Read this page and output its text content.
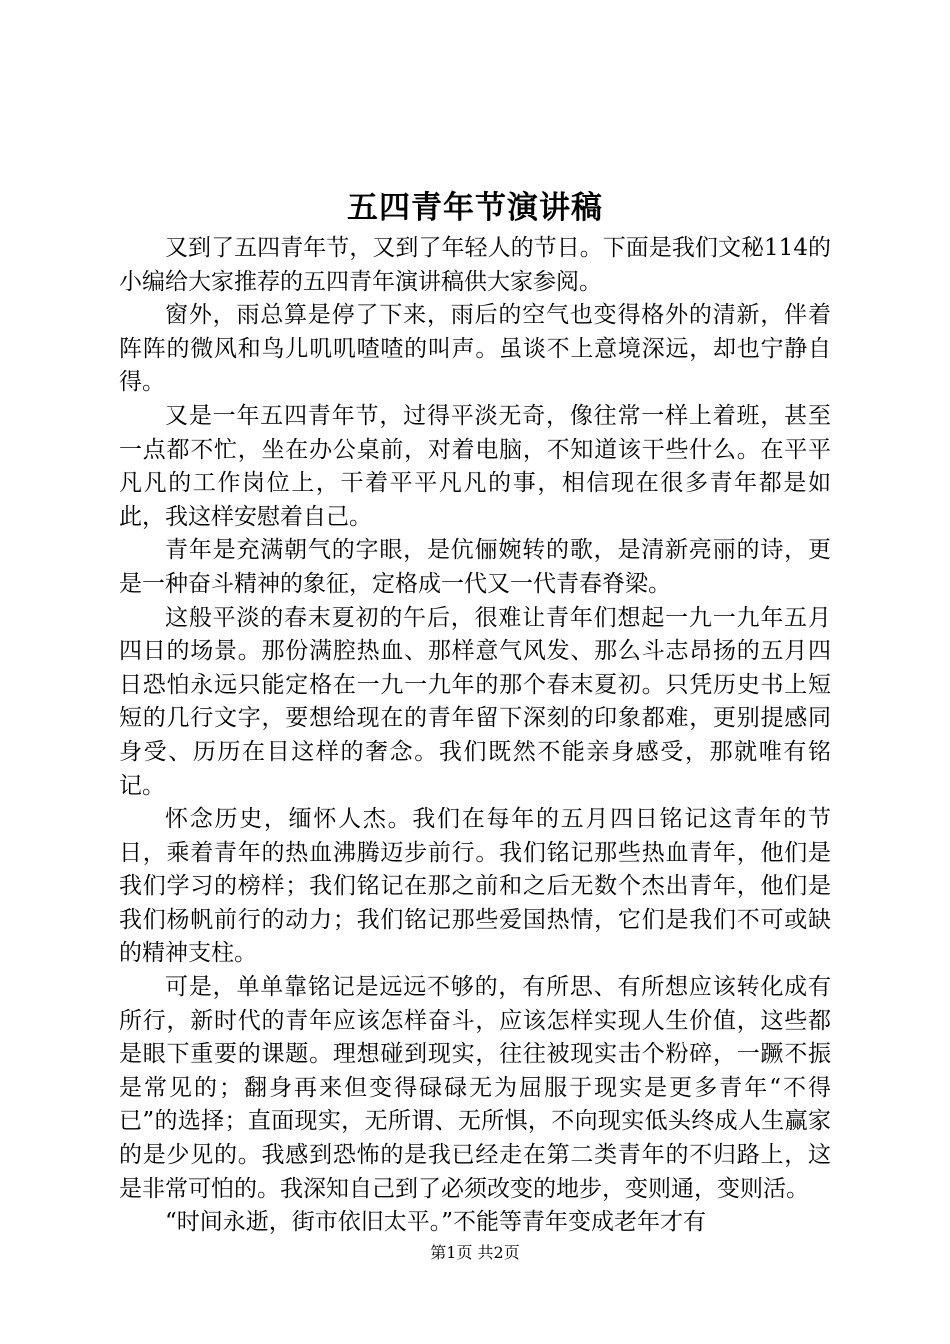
五四青年节演讲稿

又到了五四青年节，又到了年轻人的节日。下面是我们文秘114的小编给大家推荐的五四青年演讲稿供大家参阅。

窗外，雨总算是停了下来，雨后的空气也变得格外的清新，伴着阵阵的微风和鸟儿叽叽喳喳的叫声。虽谈不上意境深远，却也宁静自得。

又是一年五四青年节，过得平淡无奇，像往常一样上着班，甚至一点都不忙，坐在办公桌前，对着电脑，不知道该干些什么。在平平凡凡的工作岗位上，干着平平凡凡的事，相信现在很多青年都是如此，我这样安慰着自己。

青年是充满朝气的字眼，是伉俪婉转的歌，是清新亮丽的诗，更是一种奋斗精神的象征，定格成一代又一代青春脊梁。

这般平淡的春末夏初的午后，很难让青年们想起一九一九年五月四日的场景。那份满腔热血、那样意气风发、那么斗志昂扬的五月四日恐怕永远只能定格在一九一九年的那个春末夏初。只凭历史书上短短的几行文字，要想给现在的青年留下深刻的印象都难，更别提感同身受、历历在目这样的奢念。我们既然不能亲身感受，那就唯有铭记。

怀念历史，缅怀人杰。我们在每年的五月四日铭记这青年的节日，乘着青年的热血沸腾迈步前行。我们铭记那些热血青年，他们是我们学习的榜样；我们铭记在那之前和之后无数个杰出青年，他们是我们杨帆前行的动力；我们铭记那些爱国热情，它们是我们不可或缺的精神支柱。

可是，单单靠铭记是远远不够的，有所思、有所想应该转化成有所行，新时代的青年应该怎样奋斗，应该怎样实现人生价值，这些都是眼下重要的课题。理想碰到现实，往往被现实击个粉碎，一蹶不振是常见的；翻身再来但变得碌碌无为屈服于现实是更多青年“不得已”的选择；直面现实，无所谓、无所惧，不向现实低头终成人生赢家的是少见的。我感到恐怖的是我已经走在第二类青年的不归路上，这是非常可怕的。我深知自己到了必须改变的地步，变则通，变则活。

“时间永逝，街市依旧太平。”不能等青年变成老年才有

第1页 共2页
